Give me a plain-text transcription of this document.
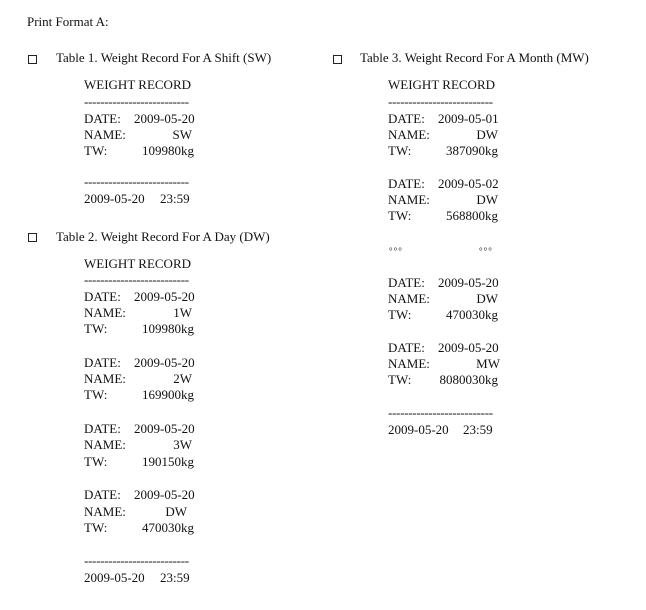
Print Format A:
Table 1. Weight Record For A Shift (SW)
WEIGHT RECORD
--------------------------
DATE: 2009-05-20
NAME:	SW
TW:	109980kg
--------------------------
2009-05-20 23:59
Table 2. Weight Record For A Day (DW)
WEIGHT RECORD
--------------------------
DATE: 2009-05-20
NAME:	1W
TW:	109980kg
DATE: 2009-05-20
NAME:	2W
TW:	169900kg
DATE: 2009-05-20
NAME:	3W
TW:	190150kg
DATE: 2009-05-20
NAME:	DW
TW:	470030kg
--------------------------
2009-05-20 23:59
Table 3. Weight Record For A Month (MW)
WEIGHT RECORD
--------------------------
DATE: 2009-05-01
NAME:	DW
TW:	387090kg
DATE: 2009-05-02
NAME:	DW
TW:	568800kg
°°°	°°°
DATE: 2009-05-20
NAME:	DW
TW:	470030kg
DATE: 2009-05-20
NAME:	MW
TW:	8080030kg
--------------------------
2009-05-20 23:59
